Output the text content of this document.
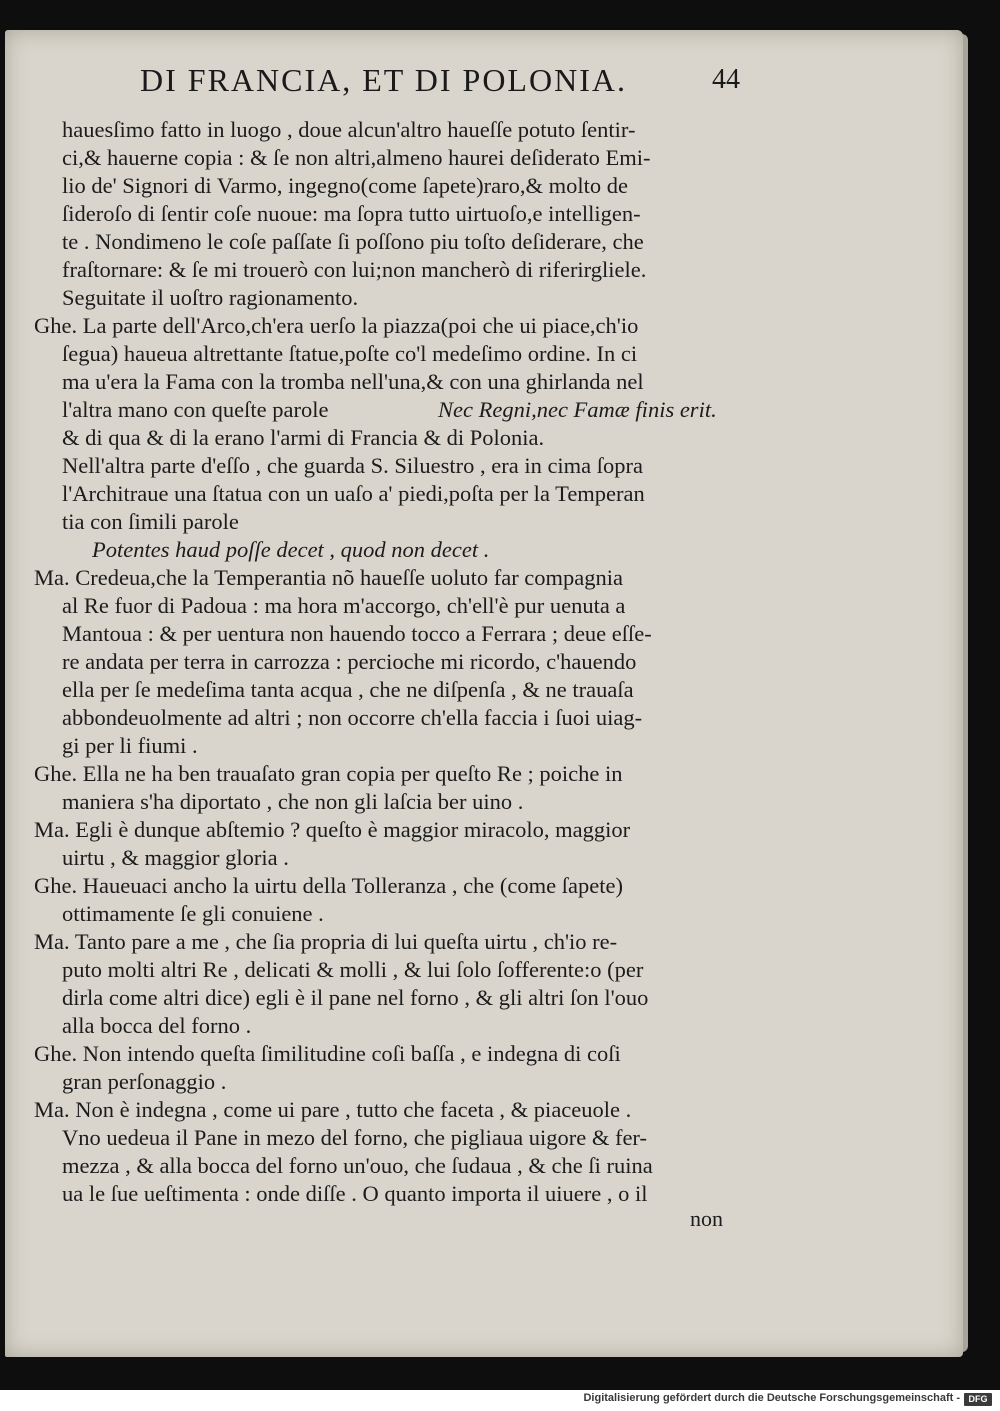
DI FRANCIA, ET DI POLONIA.	44
hauesſimo fatto in luogo , doue alcun'altro haueſſe potuto ſentir-
ci,& hauerne copia : & ſe non altri,almeno haurei deſiderato Emi-
lio de' Signori di Varmo, ingegno(come ſapete)raro,& molto de
ſideroſo di ſentir coſe nuoue: ma ſopra tutto uirtuoſo,e intelligen-
te . Nondimeno le coſe paſſate ſi poſſono piu toſto deſiderare, che
fraſtornare: & ſe mi trouerò con lui;non mancherò di riferirgliele.
Seguitate il uoſtro ragionamento.
Ghe. La parte dell'Arco,ch'era uerſo la piazza(poi che ui piace,ch'io
ſegua) haueua altrettante ſtatue,poſte co'l medeſimo ordine. In ci
ma u'era la Fama con la tromba nell'una,& con una ghirlanda nel
l'altra mano con queſte parole	Nec Regni,nec Famæ finis erit.
& di qua & di la erano l'armi di Francia & di Polonia.
Nell'altra parte d'eſſo , che guarda S. Siluestro , era in cima ſopra
l'Architraue una ſtatua con un uaſo a' piedi,poſta per la Temperan
tia con ſimili parole
Potentes haud poſſe decet , quod non decet .
Ma. Credeua,che la Temperantia nõ haueſſe uoluto far compagnia
al Re fuor di Padoua : ma hora m'accorgo, ch'ell'è pur uenuta a
Mantoua : & per uentura non hauendo tocco a Ferrara ; deue eſſe-
re andata per terra in carrozza : percioche mi ricordo, c'hauendo
ella per ſe medeſima tanta acqua , che ne diſpenſa , & ne trauaſa
abbondeuolmente ad altri ; non occorre ch'ella faccia i ſuoi uiag-
gi per li fiumi .
Ghe. Ella ne ha ben trauaſato gran copia per queſto Re ; poiche in
maniera s'ha diportato , che non gli laſcia ber uino .
Ma. Egli è dunque abſtemio ? queſto è maggior miracolo, maggior
uirtu , & maggior gloria .
Ghe. Haueuaci ancho la uirtu della Tolleranza , che (come ſapete)
ottimamente ſe gli conuiene .
Ma. Tanto pare a me , che ſia propria di lui queſta uirtu , ch'io re-
puto molti altri Re , delicati & molli , & lui ſolo ſofferente:o (per
dirla come altri dice) egli è il pane nel forno , & gli altri ſon l'ouo
alla bocca del forno .
Ghe. Non intendo queſta ſimilitudine coſi baſſa , e indegna di coſi
gran perſonaggio .
Ma. Non è indegna , come ui pare , tutto che faceta , & piaceuole .
Vno uedeua il Pane in mezo del forno, che pigliaua uigore & fer-
mezza , & alla bocca del forno un'ouo, che ſudaua , & che ſi ruina
ua le ſue ueſtimenta : onde diſſe . O quanto importa il uiuere , o il
non
Digitalisierung gefördert durch die Deutsche Forschungsgemeinschaft - DFG
